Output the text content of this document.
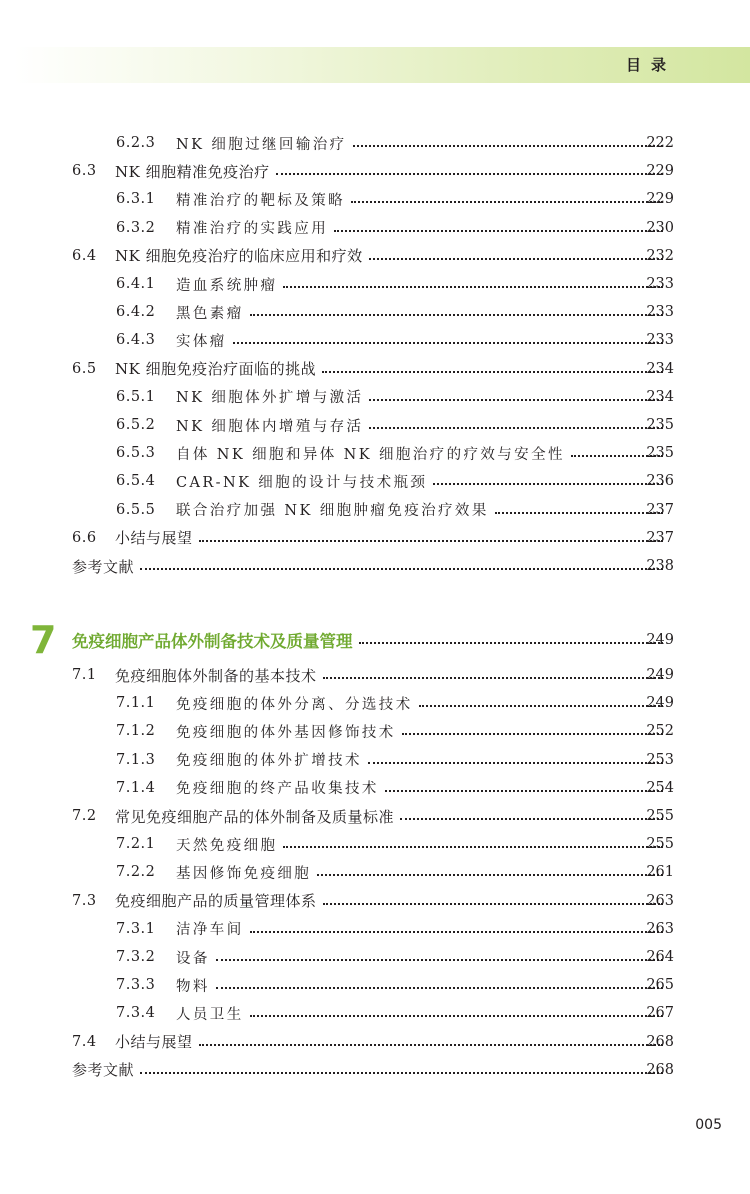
目录
6.2.3 NK 细胞过继回输治疗	222
6.3 NK 细胞精准免疫治疗	229
6.3.1 精准治疗的靶标及策略	229
6.3.2 精准治疗的实践应用	230
6.4 NK 细胞免疫治疗的临床应用和疗效	232
6.4.1 造血系统肿瘤	233
6.4.2 黑色素瘤	233
6.4.3 实体瘤	233
6.5 NK 细胞免疫治疗面临的挑战	234
6.5.1 NK 细胞体外扩增与激活	234
6.5.2 NK 细胞体内增殖与存活	235
6.5.3 自体 NK 细胞和异体 NK 细胞治疗的疗效与安全性	235
6.5.4 CAR-NK 细胞的设计与技术瓶颈	236
6.5.5 联合治疗加强 NK 细胞肿瘤免疫治疗效果	237
6.6 小结与展望	237
参考文献	238
7 免疫细胞产品体外制备技术及质量管理	249
7.1 免疫细胞体外制备的基本技术	249
7.1.1 免疫细胞的体外分离、分选技术	249
7.1.2 免疫细胞的体外基因修饰技术	252
7.1.3 免疫细胞的体外扩增技术	253
7.1.4 免疫细胞的终产品收集技术	254
7.2 常见免疫细胞产品的体外制备及质量标准	255
7.2.1 天然免疫细胞	255
7.2.2 基因修饰免疫细胞	261
7.3 免疫细胞产品的质量管理体系	263
7.3.1 洁净车间	263
7.3.2 设备	264
7.3.3 物料	265
7.3.4 人员卫生	267
7.4 小结与展望	268
参考文献	268
005
